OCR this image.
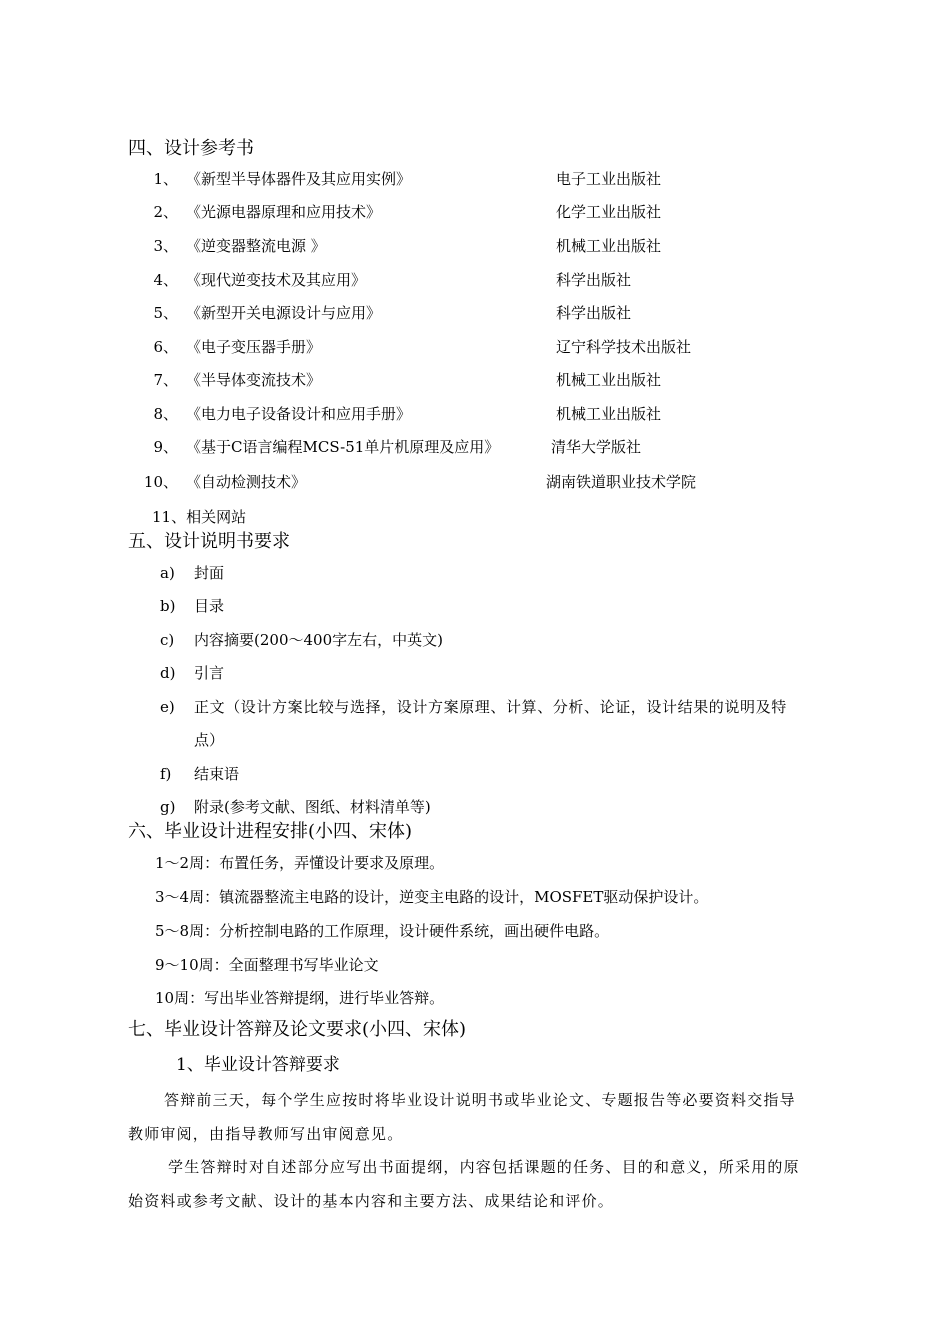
四、设计参考书
1、 《新型半导体器件及其应用实例》	电子工业出版社
2、 《光源电器原理和应用技术》	化学工业出版社
3、 《逆变器整流电源 》	机械工业出版社
4、 《现代逆变技术及其应用》	科学出版社
5、 《新型开关电源设计与应用》	科学出版社
6、 《电子变压器手册》	辽宁科学技术出版社
7、 《半导体变流技术》	机械工业出版社
8、 《电力电子设备设计和应用手册》	机械工业出版社
9、 《基于C语言编程MCS-51单片机原理及应用》	清华大学版社
10、 《自动检测技术》	湖南铁道职业技术学院
11、相关网站
五、设计说明书要求
a) 封面
b) 目录
c) 内容摘要(200～400字左右，中英文)
d) 引言
e) 正文（设计方案比较与选择，设计方案原理、计算、分析、论证，设计结果的说明及特
点）
f) 结束语
g) 附录(参考文献、图纸、材料清单等)
六、毕业设计进程安排(小四、宋体)
1～2周：布置任务，弄懂设计要求及原理。
3～4周：镇流器整流主电路的设计，逆变主电路的设计，MOSFET驱动保护设计。
5～8周：分析控制电路的工作原理，设计硬件系统，画出硬件电路。
9～10周：全面整理书写毕业论文
10周：写出毕业答辩提纲，进行毕业答辩。
七、毕业设计答辩及论文要求(小四、宋体)
1、毕业设计答辩要求
答辩前三天，每个学生应按时将毕业设计说明书或毕业论文、专题报告等必要资料交指导教师审阅，由指导教师写出审阅意见。
学生答辩时对自述部分应写出书面提纲，内容包括课题的任务、目的和意义，所采用的原始资料或参考文献、设计的基本内容和主要方法、成果结论和评价。
